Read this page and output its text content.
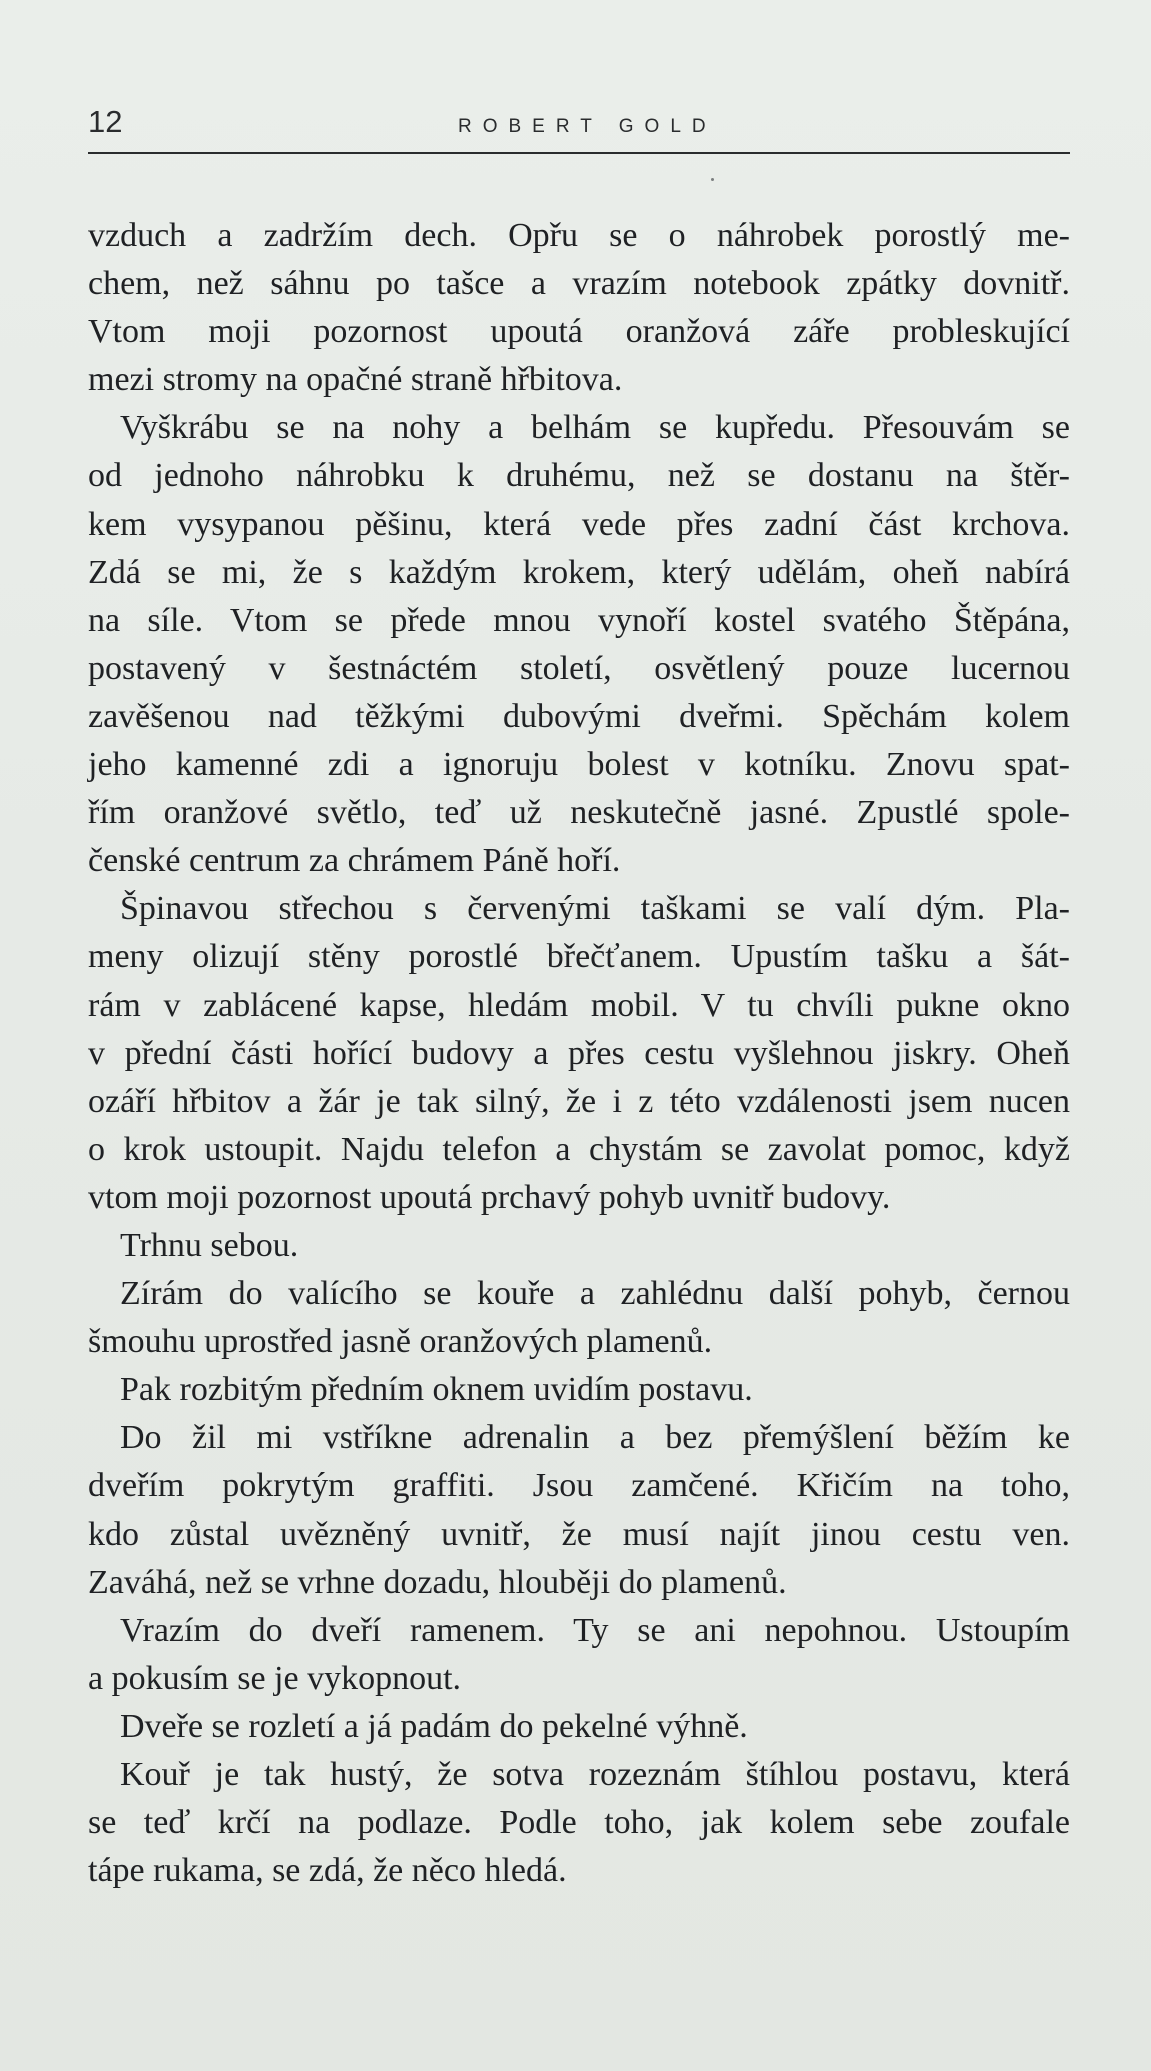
12	ROBERT GOLD
vzduch a zadržím dech. Opřu se o náhrobek porostlý me-
chem, než sáhnu po tašce a vrazím notebook zpátky dovnitř.
Vtom moji pozornost upoutá oranžová záře probleskující
mezi stromy na opačné straně hřbitova.
Vyškrábu se na nohy a belhám se kupředu. Přesouvám se
od jednoho náhrobku k druhému, než se dostanu na štěr-
kem vysypanou pěšinu, která vede přes zadní část krchova.
Zdá se mi, že s každým krokem, který udělám, oheň nabírá
na síle. Vtom se přede mnou vynoří kostel svatého Štěpána,
postavený v šestnáctém století, osvětlený pouze lucernou
zavěšenou nad těžkými dubovými dveřmi. Spěchám kolem
jeho kamenné zdi a ignoruju bolest v kotníku. Znovu spat-
řím oranžové světlo, teď už neskutečně jasné. Zpustlé spole-
čenské centrum za chrámem Páně hoří.
Špinavou střechou s červenými taškami se valí dým. Pla-
meny olizují stěny porostlé břečťanem. Upustím tašku a šát-
rám v zablácené kapse, hledám mobil. V tu chvíli pukne okno
v přední části hořící budovy a přes cestu vyšlehnou jiskry. Oheň
ozáří hřbitov a žár je tak silný, že i z této vzdálenosti jsem nucen
o krok ustoupit. Najdu telefon a chystám se zavolat pomoc, když
vtom moji pozornost upoutá prchavý pohyb uvnitř budovy.
Trhnu sebou.
Zírám do valícího se kouře a zahlédnu další pohyb, černou
šmouhu uprostřed jasně oranžových plamenů.
Pak rozbitým předním oknem uvidím postavu.
Do žil mi vstříkne adrenalin a bez přemýšlení běžím ke
dveřím pokrytým graffiti. Jsou zamčené. Křičím na toho,
kdo zůstal uvězněný uvnitř, že musí najít jinou cestu ven.
Zaváhá, než se vrhne dozadu, hlouběji do plamenů.
Vrazím do dveří ramenem. Ty se ani nepohnou. Ustoupím
a pokusím se je vykopnout.
Dveře se rozletí a já padám do pekelné výhně.
Kouř je tak hustý, že sotva rozeznám štíhlou postavu, která
se teď krčí na podlaze. Podle toho, jak kolem sebe zoufale
tápe rukama, se zdá, že něco hledá.
